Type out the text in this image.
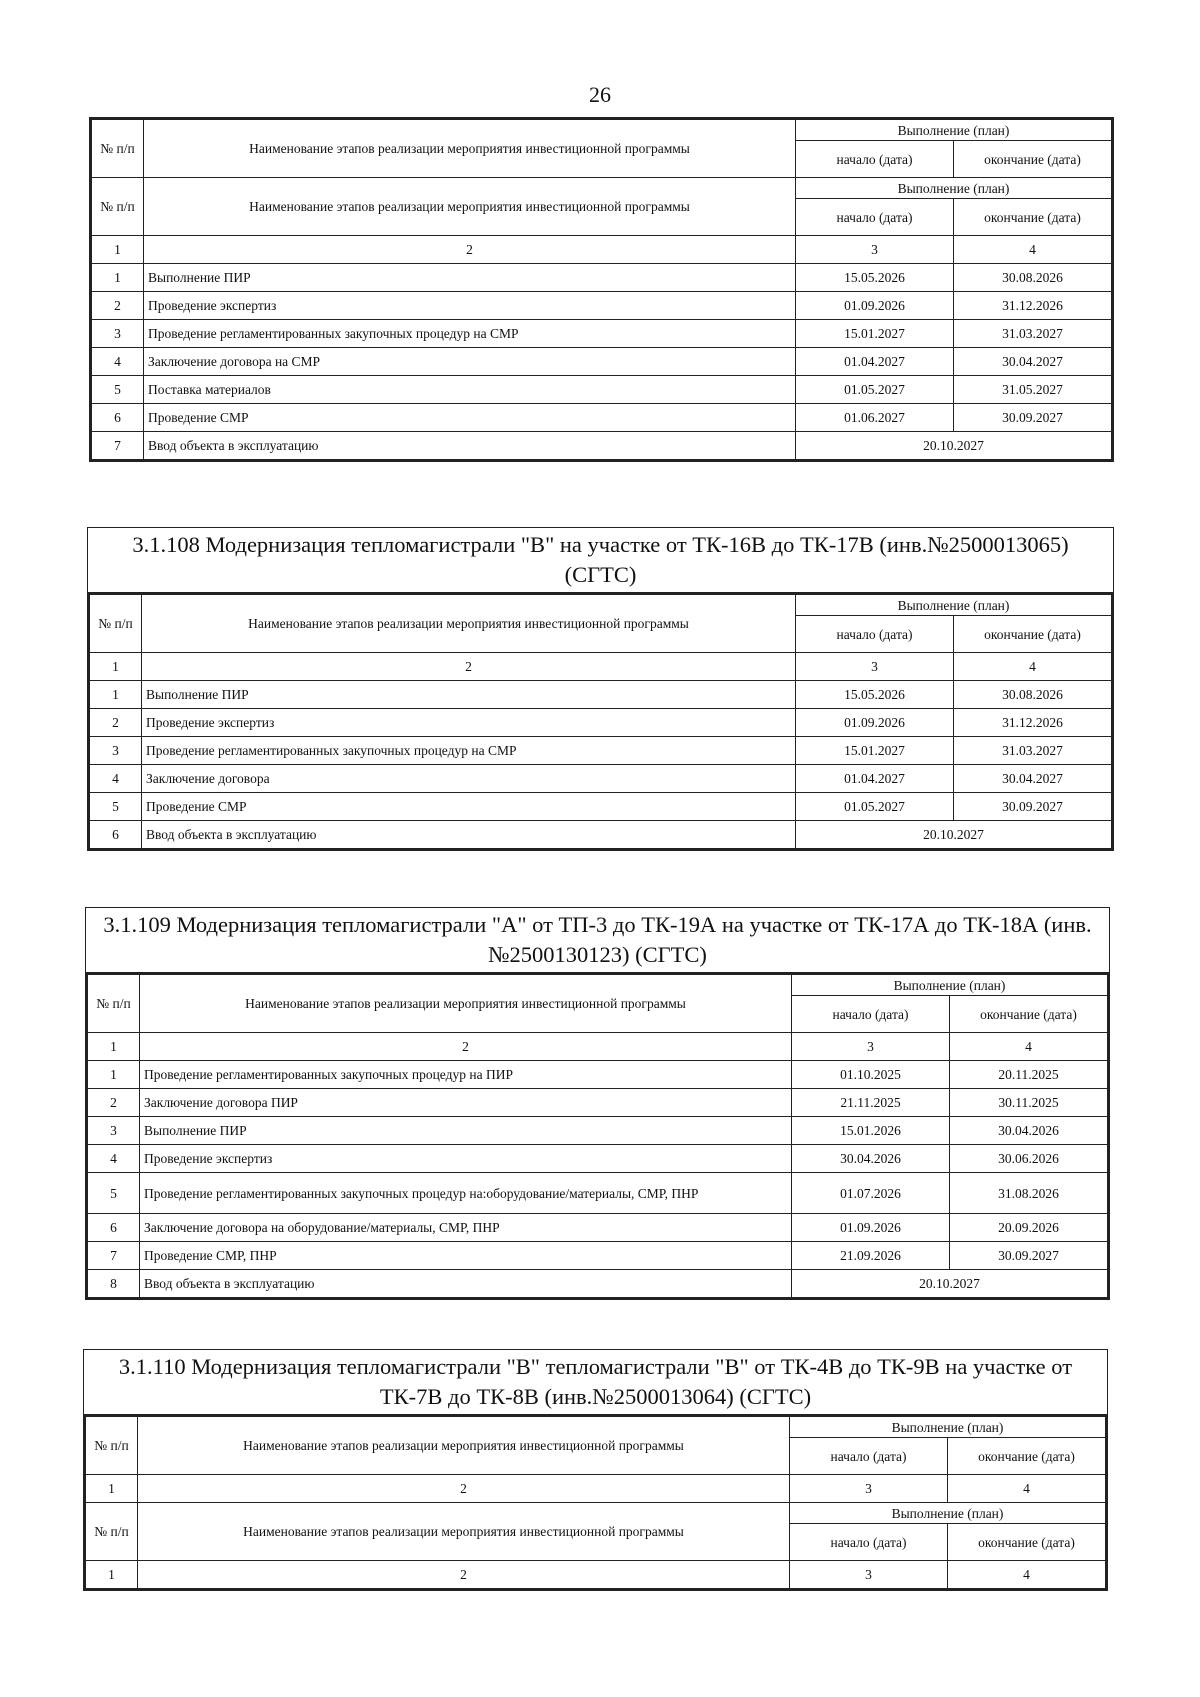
26
№ п/п	Наименование этапов реализации мероприятия инвестиционной программы	Выполнение (план)	
		начало (дата)	окончание (дата)
№ п/п	Наименование этапов реализации мероприятия инвестиционной программы	Выполнение (план)	
		начало (дата)	окончание (дата)
1	2	3	4
1	Выполнение ПИР	15.05.2026	30.08.2026
2	Проведение экспертиз	01.09.2026	31.12.2026
3	Проведение регламентированных закупочных процедур на СМР	15.01.2027	31.03.2027
4	Заключение договора на СМР	01.04.2027	30.04.2027
5	Поставка материалов	01.05.2027	31.05.2027
6	Проведение СМР	01.06.2027	30.09.2027
7	Ввод объекта в эксплуатацию	20.10.2027	
3.1.108 Модернизация тепломагистрали "В" на участке от ТК-16В до ТК-17В (инв.№2500013065) (СГТС)
№ п/п	Наименование этапов реализации мероприятия инвестиционной программы	Выполнение (план)	
		начало (дата)	окончание (дата)
1	2	3	4
1	Выполнение ПИР	15.05.2026	30.08.2026
2	Проведение экспертиз	01.09.2026	31.12.2026
3	Проведение регламентированных закупочных процедур на СМР	15.01.2027	31.03.2027
4	Заключение договора	01.04.2027	30.04.2027
5	Проведение СМР	01.05.2027	30.09.2027
6	Ввод объекта в эксплуатацию	20.10.2027	
3.1.109 Модернизация тепломагистрали "А" от ТП-3 до ТК-19А на участке от ТК-17А до ТК-18А (инв.№2500130123) (СГТС)
№ п/п	Наименование этапов реализации мероприятия инвестиционной программы	Выполнение (план)	
		начало (дата)	окончание (дата)
1	2	3	4
1	Проведение регламентированных закупочных процедур на ПИР	01.10.2025	20.11.2025
2	Заключение договора ПИР	21.11.2025	30.11.2025
3	Выполнение ПИР	15.01.2026	30.04.2026
4	Проведение экспертиз	30.04.2026	30.06.2026
5	Проведение регламентированных закупочных процедур на:оборудование/материалы, СМР, ПНР	01.07.2026	31.08.2026
6	Заключение договора на оборудование/материалы, СМР, ПНР	01.09.2026	20.09.2026
7	Проведение СМР, ПНР	21.09.2026	30.09.2027
8	Ввод объекта в эксплуатацию	20.10.2027	
3.1.110 Модернизация тепломагистрали "В" тепломагистрали "В" от ТК-4В до ТК-9В на участке от ТК-7В до ТК-8В (инв.№2500013064) (СГТС)
№ п/п	Наименование этапов реализации мероприятия инвестиционной программы	Выполнение (план)	
		начало (дата)	окончание (дата)
1	2	3	4
№ п/п	Наименование этапов реализации мероприятия инвестиционной программы	Выполнение (план)	
		начало (дата)	окончание (дата)
1	2	3	4
